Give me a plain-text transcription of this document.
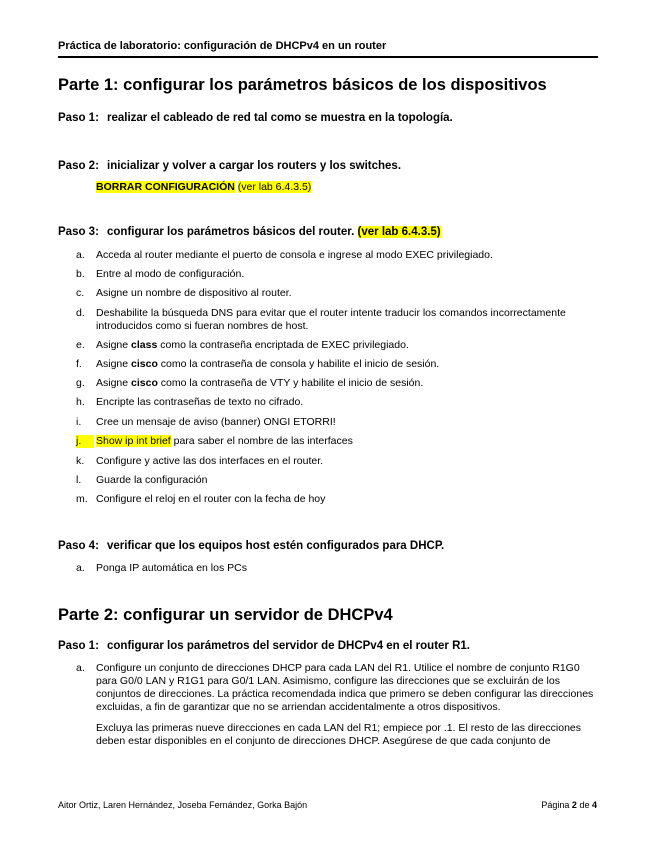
Práctica de laboratorio: configuración de DHCPv4 en un router
Parte 1: configurar los parámetros básicos de los dispositivos
Paso 1: realizar el cableado de red tal como se muestra en la topología.
Paso 2: inicializar y volver a cargar los routers y los switches.
BORRAR CONFIGURACIÓN (ver lab 6.4.3.5)
Paso 3: configurar los parámetros básicos del router. (ver lab 6.4.3.5)
a.	Acceda al router mediante el puerto de consola e ingrese al modo EXEC privilegiado.
b.	Entre al modo de configuración.
c.	Asigne un nombre de dispositivo al router.
d.	Deshabilite la búsqueda DNS para evitar que el router intente traducir los comandos incorrectamente introducidos como si fueran nombres de host.
e.	Asigne class como la contraseña encriptada de EXEC privilegiado.
f.	Asigne cisco como la contraseña de consola y habilite el inicio de sesión.
g.	Asigne cisco como la contraseña de VTY y habilite el inicio de sesión.
h.	Encripte las contraseñas de texto no cifrado.
i.	Cree un mensaje de aviso (banner) ONGI ETORRI!
j.	Show ip int brief para saber el nombre de las interfaces
k.	Configure y active las dos interfaces en el router.
l.	Guarde la configuración
m. Configure el reloj en el router con la fecha de hoy
Paso 4: verificar que los equipos host estén configurados para DHCP.
a.	Ponga IP automática en los PCs
Parte 2: configurar un servidor de DHCPv4
Paso 1: configurar los parámetros del servidor de DHCPv4 en el router R1.
a.	Configure un conjunto de direcciones DHCP para cada LAN del R1. Utilice el nombre de conjunto R1G0 para G0/0 LAN y R1G1 para G0/1 LAN. Asimismo, configure las direcciones que se excluirán de los conjuntos de direcciones. La práctica recomendada indica que primero se deben configurar las direcciones excluidas, a fin de garantizar que no se arriendan accidentalmente a otros dispositivos.
Excluya las primeras nueve direcciones en cada LAN del R1; empiece por .1. El resto de las direcciones deben estar disponibles en el conjunto de direcciones DHCP. Asegúrese de que cada conjunto de
Aitor Ortiz, Laren Hernández, Joseba Fernández, Gorka Bajón	Página 2 de 4
